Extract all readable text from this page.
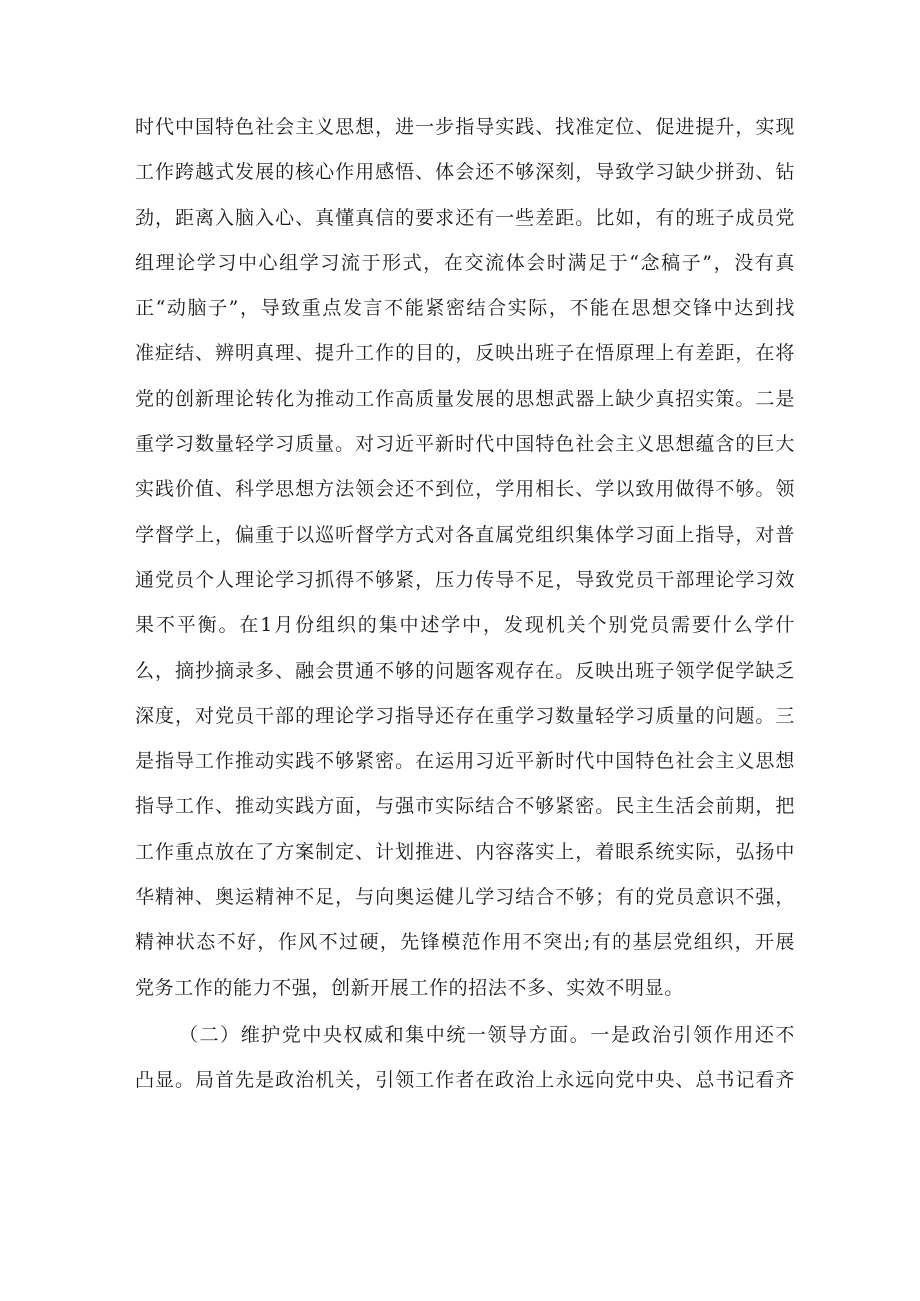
时代中国特色社会主义思想，进一步指导实践、找准定位、促进提升，实现
工作跨越式发展的核心作用感悟、体会还不够深刻，导致学习缺少拼劲、钻
劲，距离入脑入心、真懂真信的要求还有一些差距。比如，有的班子成员党
组理论学习中心组学习流于形式，在交流体会时满足于“念稿子”，没有真
正“动脑子”，导致重点发言不能紧密结合实际，不能在思想交锋中达到找
准症结、辨明真理、提升工作的目的，反映出班子在悟原理上有差距，在将
党的创新理论转化为推动工作高质量发展的思想武器上缺少真招实策。二是
重学习数量轻学习质量。对习近平新时代中国特色社会主义思想蕴含的巨大
实践价值、科学思想方法领会还不到位，学用相长、学以致用做得不够。领
学督学上，偏重于以巡听督学方式对各直属党组织集体学习面上指导，对普
通党员个人理论学习抓得不够紧，压力传导不足，导致党员干部理论学习效
果不平衡。在1月份组织的集中述学中，发现机关个别党员需要什么学什
么，摘抄摘录多、融会贯通不够的问题客观存在。反映出班子领学促学缺乏
深度，对党员干部的理论学习指导还存在重学习数量轻学习质量的问题。三
是指导工作推动实践不够紧密。在运用习近平新时代中国特色社会主义思想
指导工作、推动实践方面，与强市实际结合不够紧密。民主生活会前期，把
工作重点放在了方案制定、计划推进、内容落实上，着眼系统实际，弘扬中
华精神、奥运精神不足，与向奥运健儿学习结合不够；有的党员意识不强，
精神状态不好，作风不过硬，先锋模范作用不突出;有的基层党组织，开展
党务工作的能力不强，创新开展工作的招法不多、实效不明显。
（二）维护党中央权威和集中统一领导方面。一是政治引领作用还不
凸显。局首先是政治机关，引领工作者在政治上永远向党中央、总书记看齐
